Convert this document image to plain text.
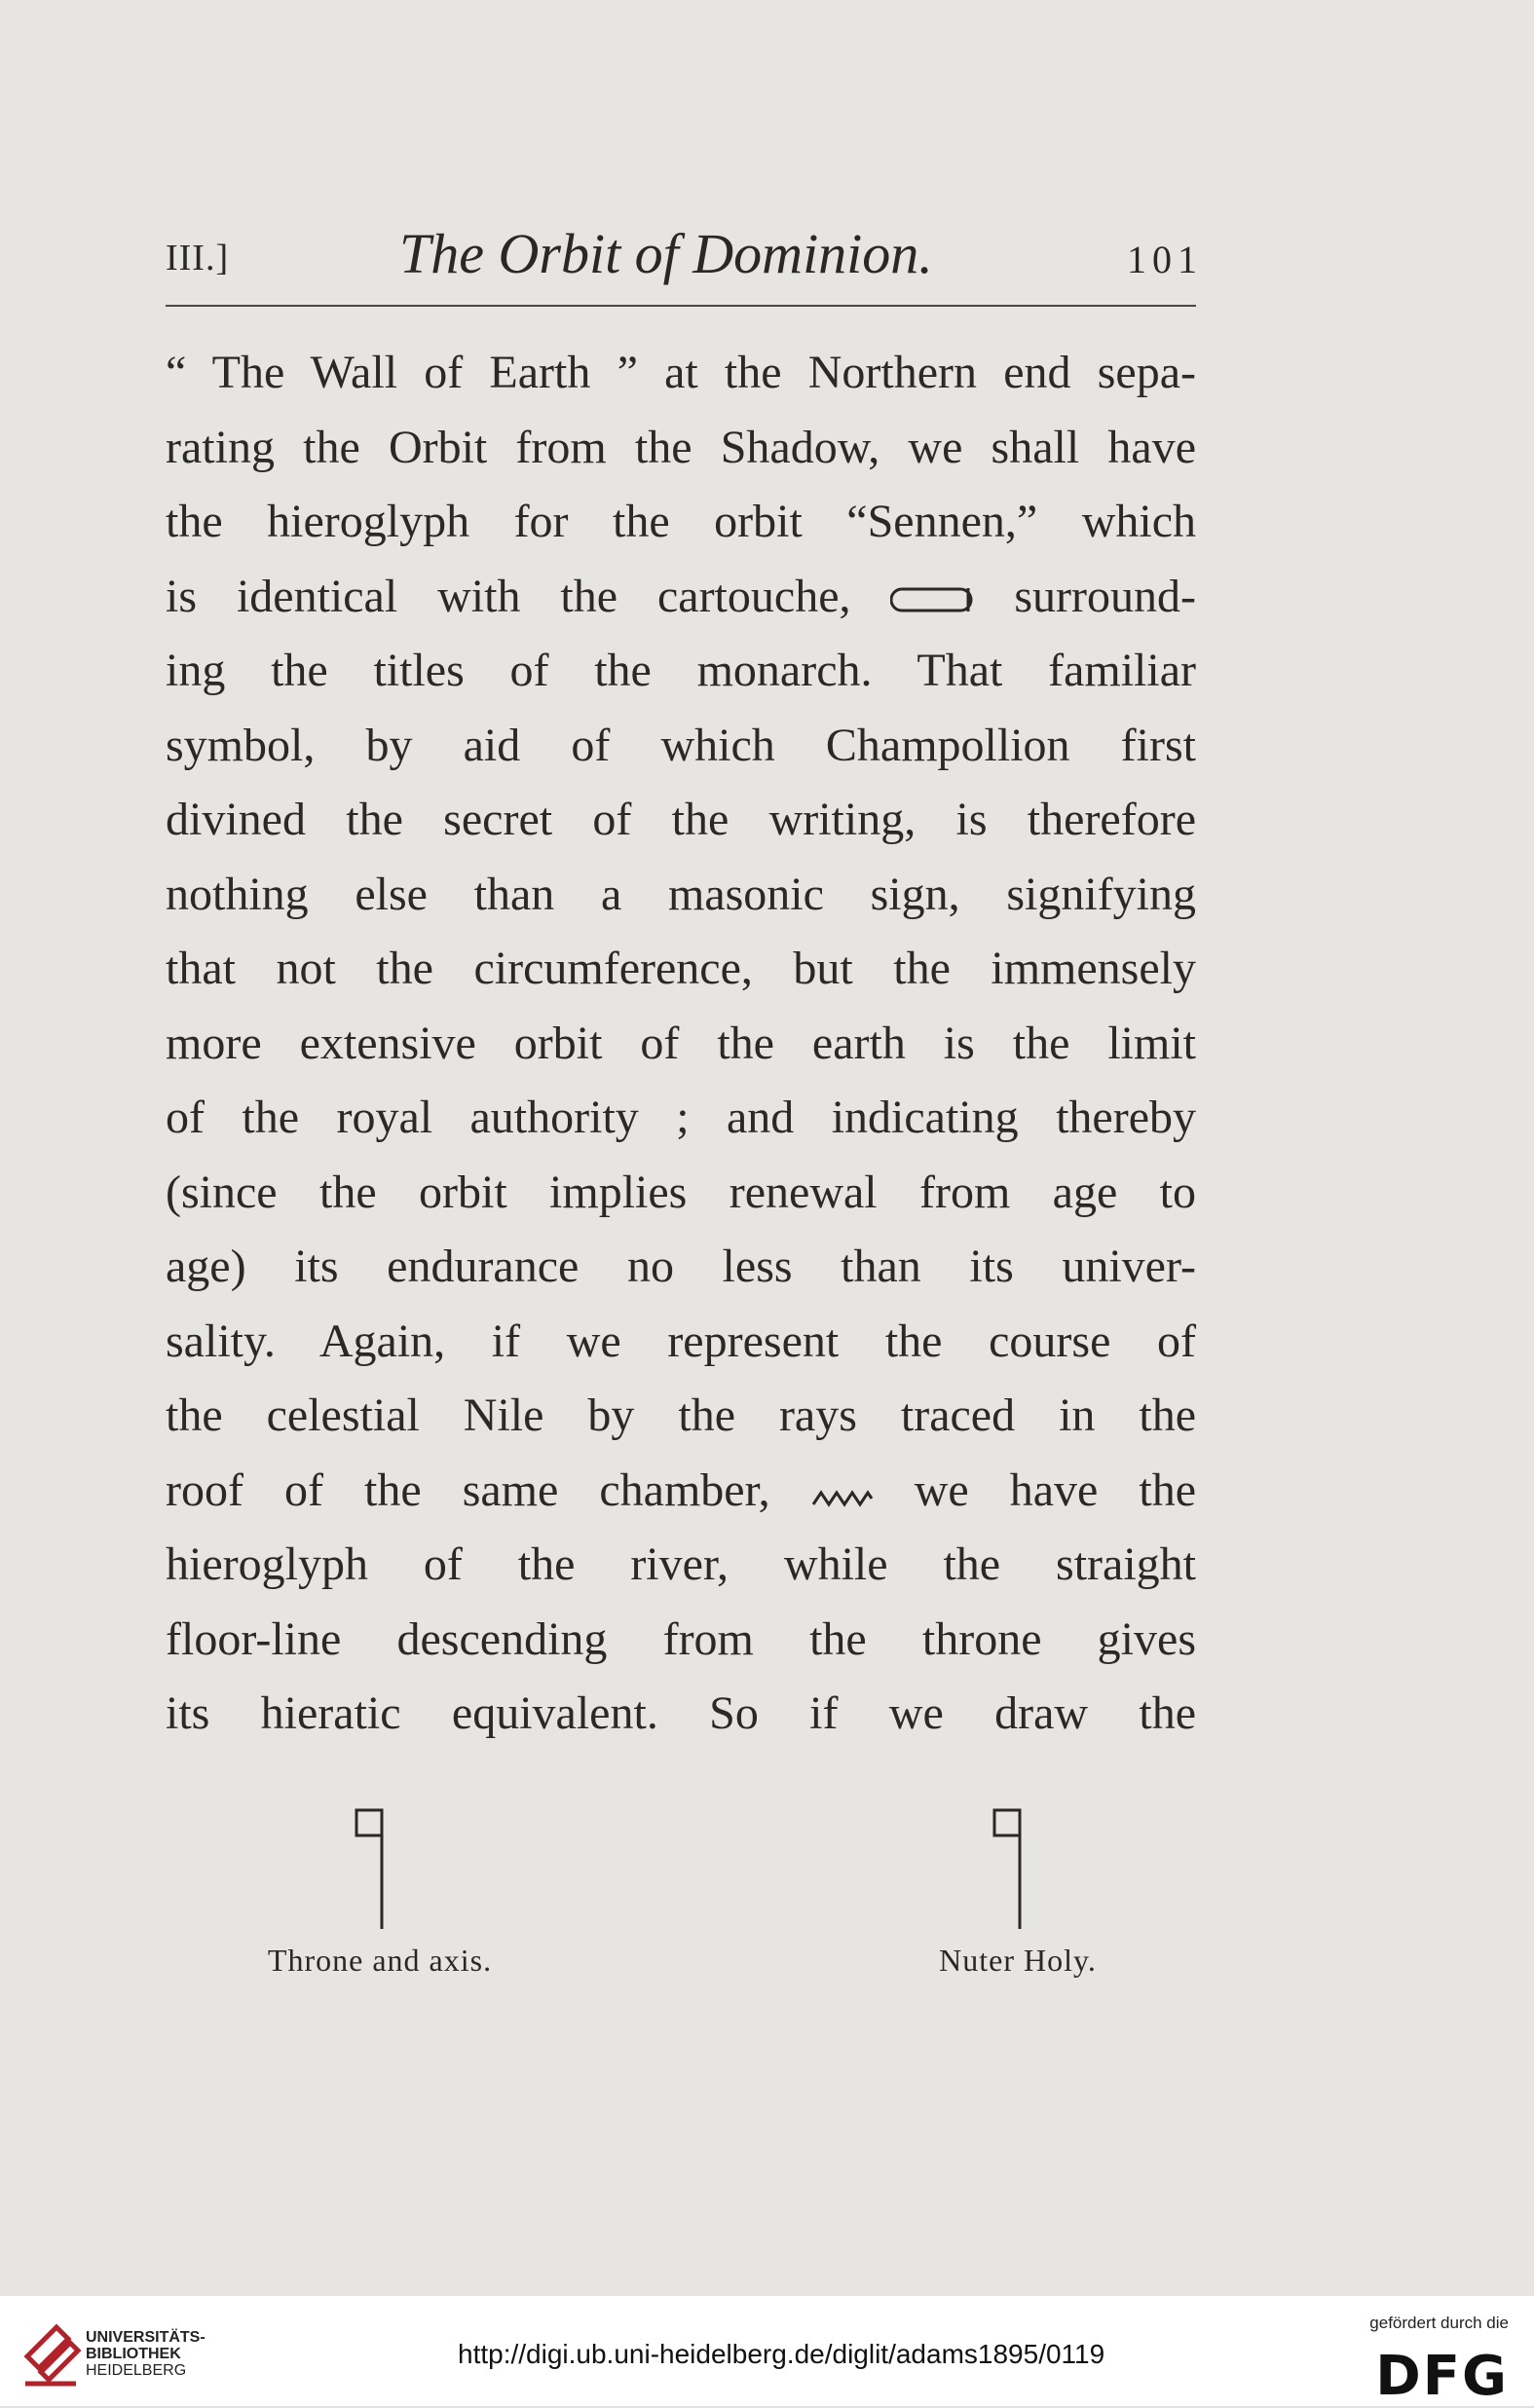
III.]	The Orbit of Dominion.	101
“ The Wall of Earth ” at the Northern end sepa-
rating the Orbit from the Shadow, we shall have
the hieroglyph for the orbit “Sennen,” which
is identical with the cartouche,	surround-
ing the titles of the monarch. That familiar
symbol, by aid of which Champollion first
divined the secret of the writing, is therefore
nothing else than a masonic sign, signifying
that not the circumference, but the immensely
more extensive orbit of the earth is the limit
of the royal authority ; and indicating thereby
(since the orbit implies renewal from age to
age) its endurance no less than its univer-
sality. Again, if we represent the course of
the celestial Nile by the rays traced in the
roof of the same chamber,	we have the
hieroglyph of the river, while the straight
floor-line descending from the throne gives
its hieratic equivalent. So if we draw the
Throne and axis.	Nuter Holy.
UNIVERSITÄTS-
BIBLIOTHEK
HEIDELBERG
http://digi.ub.uni-heidelberg.de/diglit/adams1895/0119
gefördert durch die
DFG
